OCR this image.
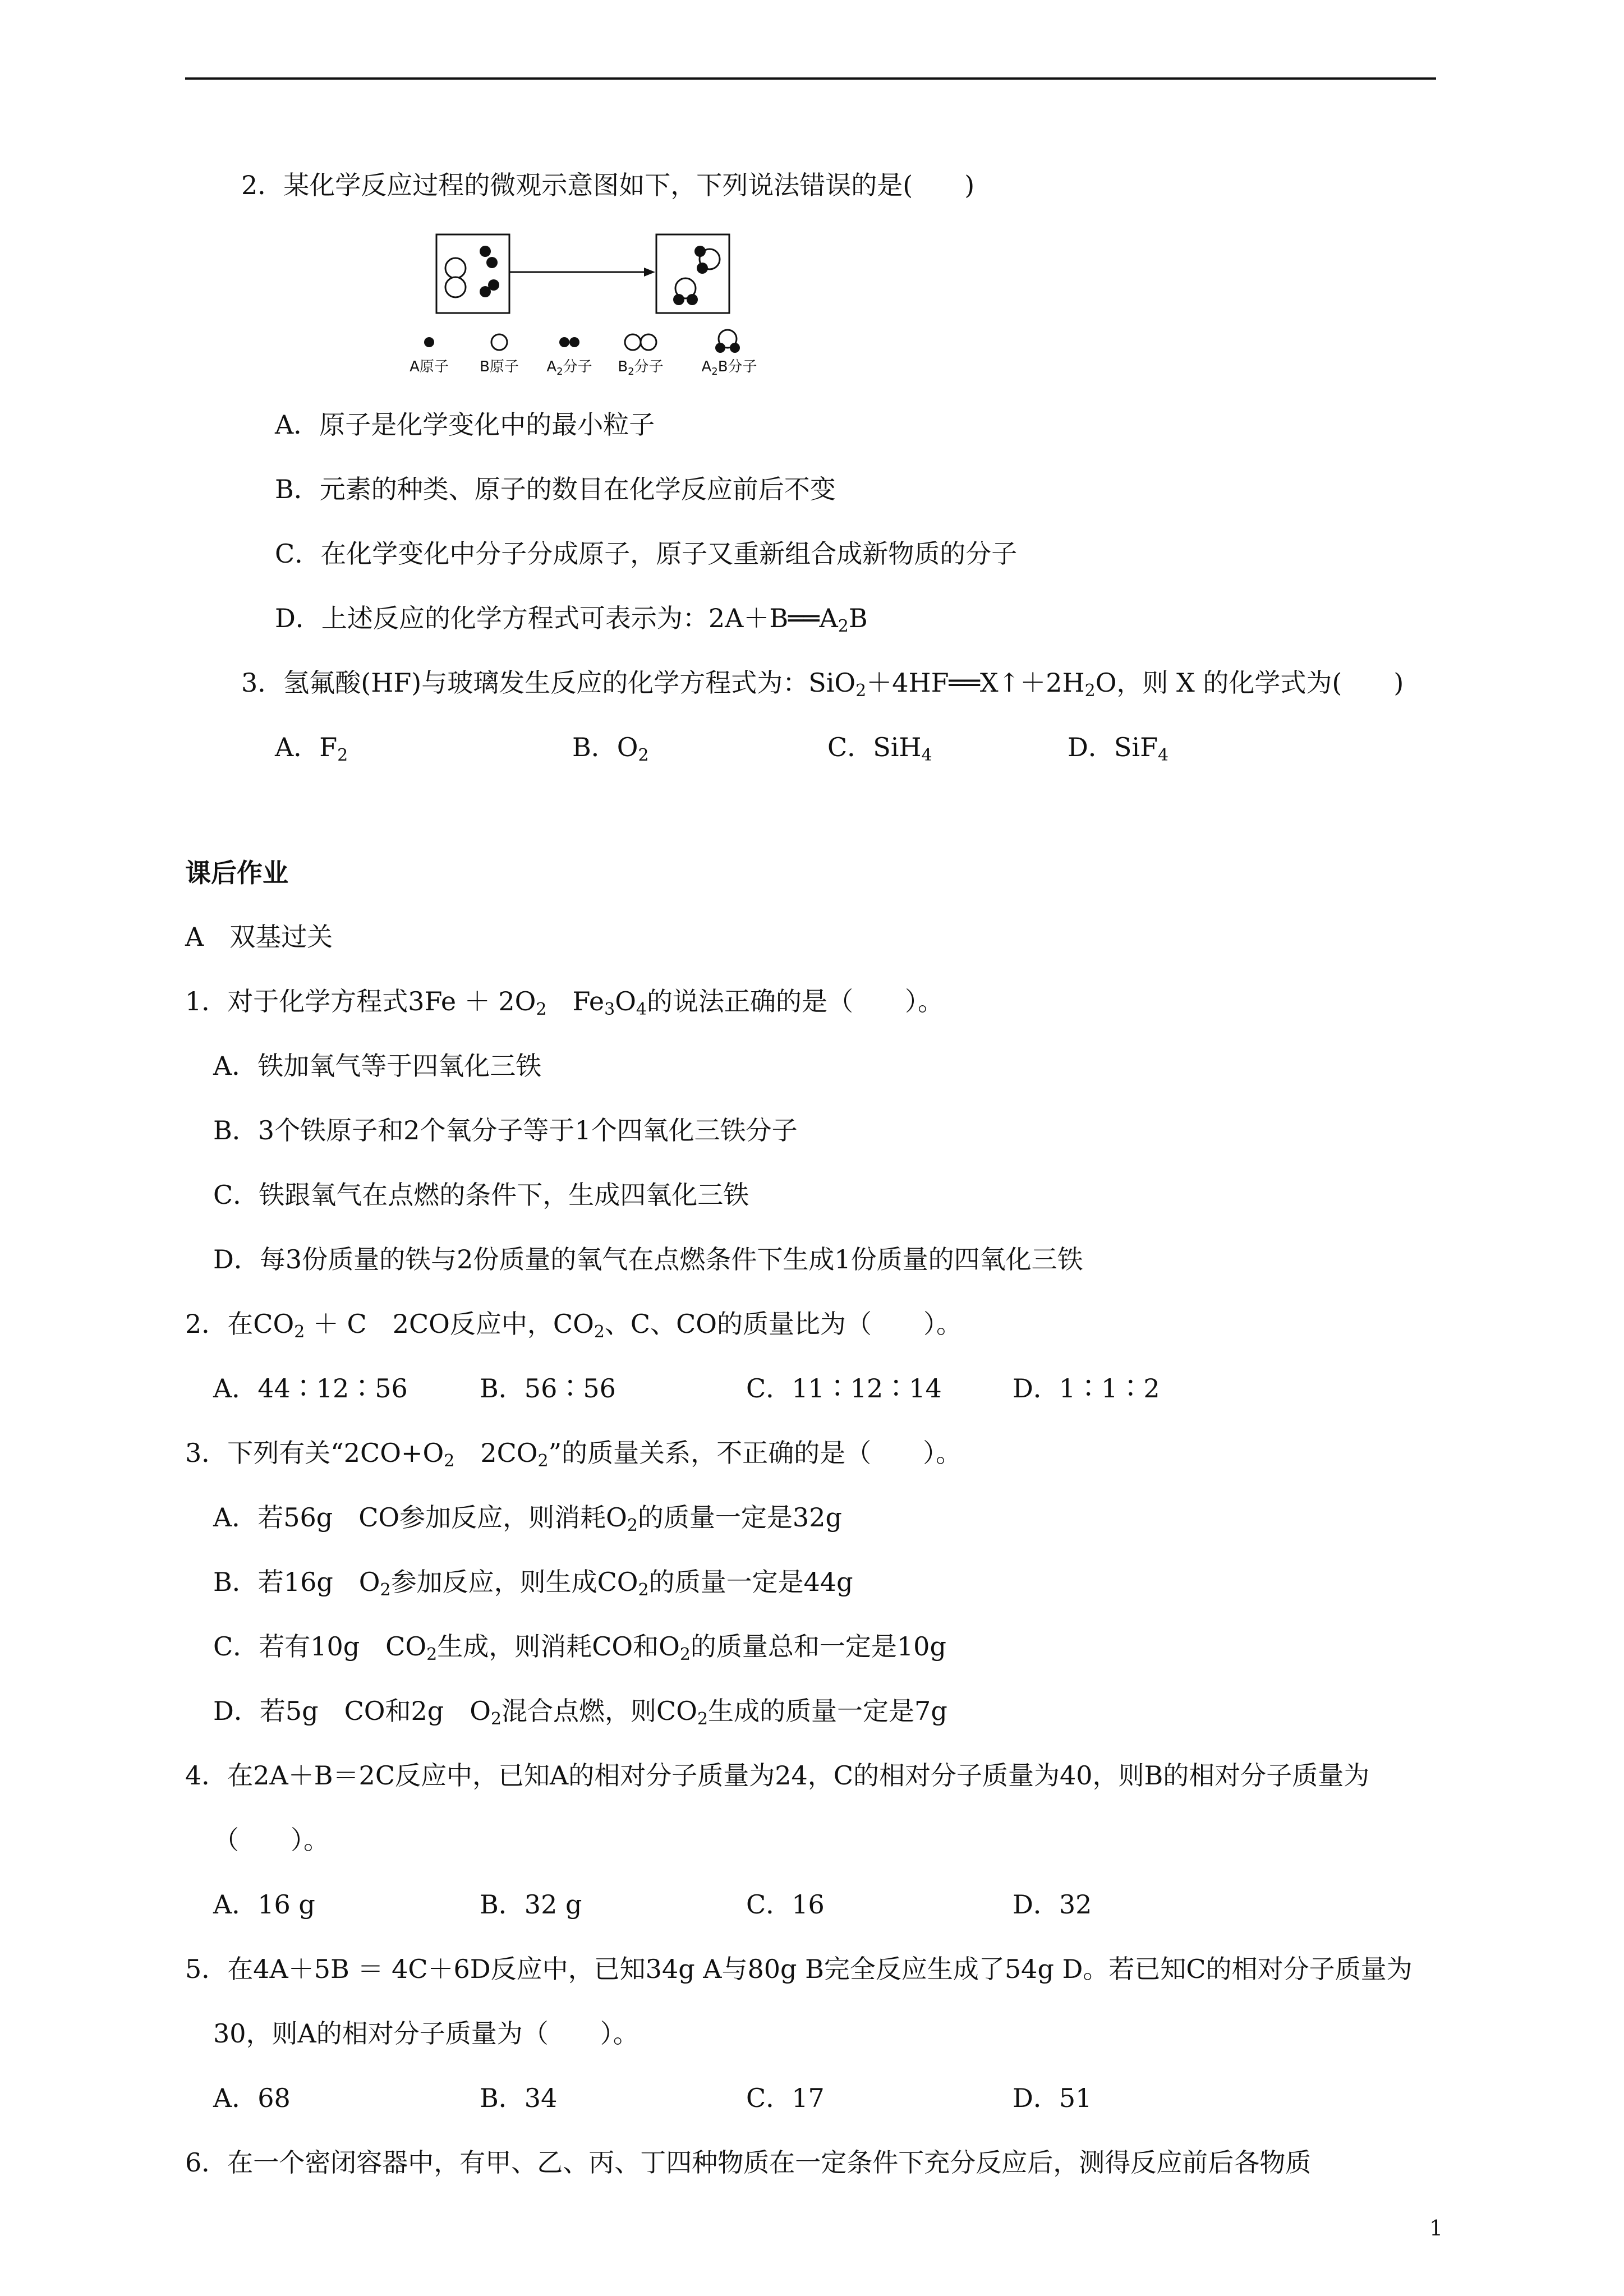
2．某化学反应过程的微观示意图如下，下列说法错误的是(　　)
A原子 B原子 $A_2$分子 $B_2$分子	$A_2B$分子
A．原子是化学变化中的最小粒子
B．元素的种类、原子的数目在化学反应前后不变
C．在化学变化中分子分成原子，原子又重新组合成新物质的分子
D．上述反应的化学方程式可表示为：$2A+B══A_2B$
3．氢氟酸(HF)与玻璃发生反应的化学方程式为：$SiO_2+4HF══X↑+2H_2O$，则 X 的化学式为(　　)
A．$F_2$	B．$O_2$	C．SiH$_4$	D．SiF$_4$
课后作业
A　双基过关
1．对于化学方程式$3Fe + 2O_2$　$Fe_3O_4$的说法正确的是（　　）。
A．铁加氧气等于四氧化三铁
B．3个铁原子和2个氧分子等于1个四氧化三铁分子
C．铁跟氧气在点燃的条件下，生成四氧化三铁
D．每3份质量的铁与2份质量的氧气在点燃条件下生成1份质量的四氧化三铁
2．在$CO_2 + C$　2CO反应中，$CO_2$、C、CO的质量比为（　　）。
A．44∶12∶56	B．56∶56	C．11∶12∶14	D．1∶1∶2
3．下列有关“$2CO+O_2$　$2CO_2$”的质量关系，不正确的是（　　）。
A．若56g　CO参加反应，则消耗$O_2$的质量一定是32g
B．若16g　$O_2$参加反应，则生成$CO_2$的质量一定是44g
C．若有10g　$CO_2$生成，则消耗CO和$O_2$的质量总和一定是10g
D．若5g　CO和2g　$O_2$混合点燃，则$CO_2$生成的质量一定是7g
4．在2A＋B＝2C反应中，已知A的相对分子质量为24，C的相对分子质量为40，则B的相对分子质量为
（　　）。
A．16 g	B．32 g	C．16	D．32
5．在4A＋5B ＝ 4C＋6D反应中，已知34g A与80g B完全反应生成了54g D。若已知C的相对分子质量为
30，则A的相对分子质量为（　　）。
A．68	B．34	C．17	D．51
6．在一个密闭容器中，有甲、乙、丙、丁四种物质在一定条件下充分反应后，测得反应前后各物质
1
